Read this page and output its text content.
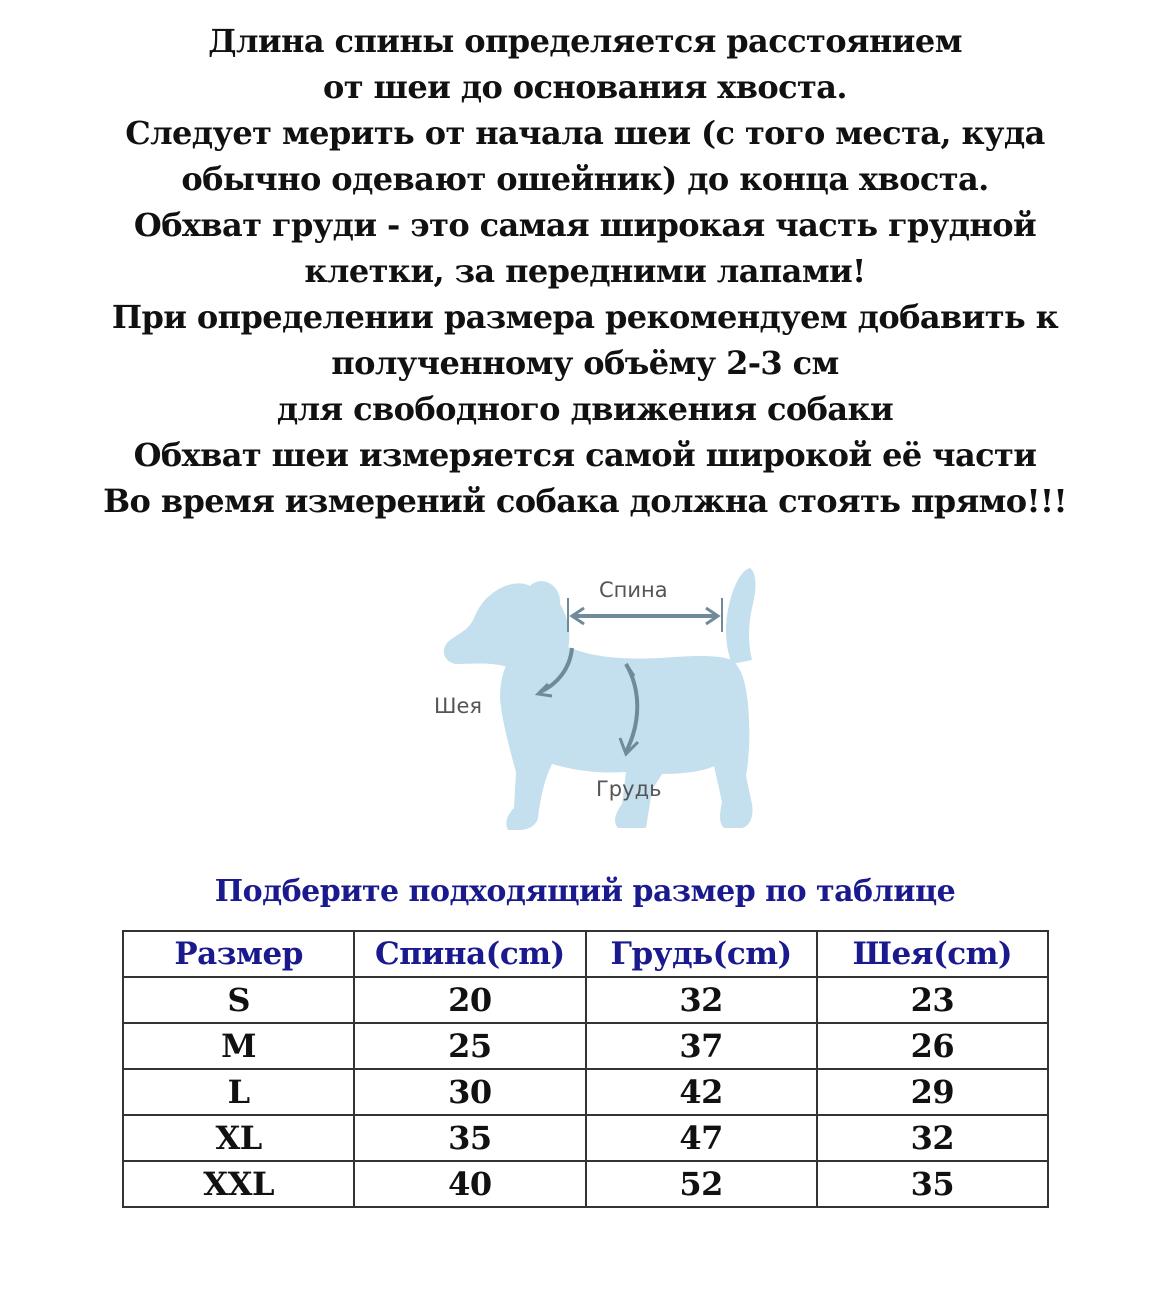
Длина спины определяется расстоянием
от шеи до основания хвоста.
Следует мерить от начала шеи (с того места, куда
обычно одевают ошейник) до конца хвоста.
Обхват груди - это самая широкая часть грудной
клетки, за передними лапами!
При определении размера рекомендуем добавить к
полученному объёму 2-3 см
для свободного движения собаки
Обхват шеи измеряется самой широкой её части
Во время измерений собака должна стоять прямо!!!
Спина
Шея
Грудь
Подберите подходящий размер по таблице
Размер	Спина(cm)	Грудь(cm)	Шея(cm)
S	20	32	23
M	25	37	26
L	30	42	29
XL	35	47	32
XXL	40	52	35
